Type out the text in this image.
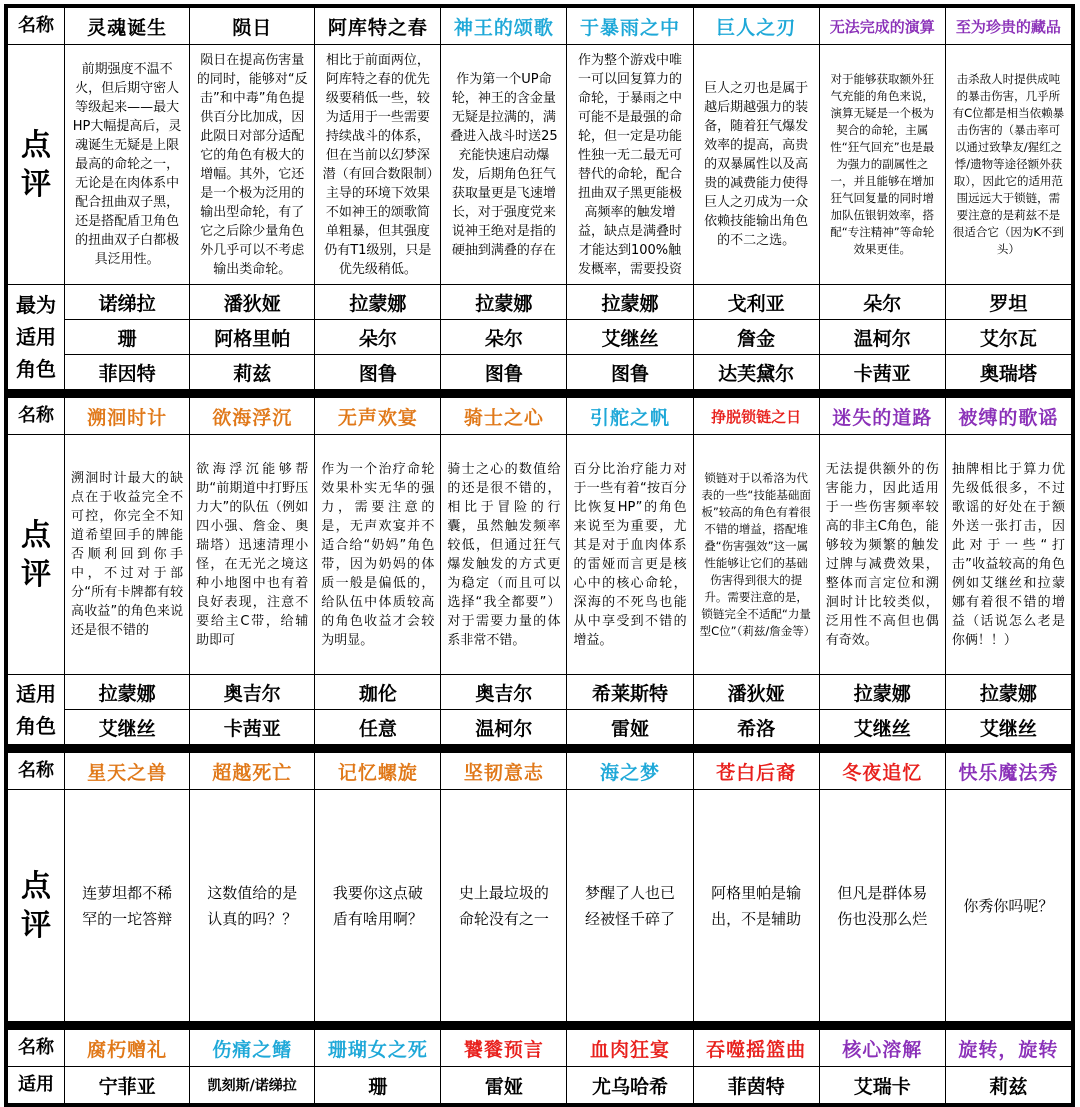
名称	灵魂诞生	陨日	阿库特之春	神王的颂歌	于暴雨之中	巨人之刃	无法完成的演算	至为珍贵的藏品

点
评	前期强度不温不火，但后期守密人等级起来——最大HP大幅提高后，灵魂诞生无疑是上限最高的命轮之一，无论是在肉体系中配合扭曲双子黑，还是搭配盾卫角色的扭曲双子白都极具泛用性。	陨日在提高伤害量的同时，能够对“反击”和中毒”角色提供百分比加成，因此陨日对部分适配它的角色有极大的增幅。其外，它还是一个极为泛用的输出型命轮，有了它之后除少量角色外几乎可以不考虑输出类命轮。	相比于前面两位，阿库特之春的优先级要稍低一些，较为适用于一些需要持续战斗的体系，但在当前以幻梦深潜（有回合数限制）主导的环境下效果不如神王的颂歌简单粗暴，但其强度仍有T1级别，只是优先级稍低。	作为第一个UP命轮，神王的含金量无疑是拉满的，满叠进入战斗时送25充能快速启动爆发，后期角色狂气获取量更是飞速增长，对于强度党来说神王绝对是指的硬抽到满叠的存在	作为整个游戏中唯一可以回复算力的命轮，于暴雨之中可能不是最强的命轮，但一定是功能性独一无二最无可替代的命轮，配合扭曲双子黑更能极高频率的触发增益，缺点是满叠时才能达到100%触发概率，需要投资	巨人之刃也是属于越后期越强力的装备，随着狂气爆发效率的提高，高贵的双暴属性以及高贵的减费能力使得巨人之刃成为一众依赖技能输出角色的不二之选。	对于能够获取额外狂气充能的角色来说，演算无疑是一个极为契合的命轮，主属性“狂气回充”也是最为强力的副属性之一，并且能够在增加狂气回复量的同时增加队伍银钥效率，搭配“专注精神”等命轮效果更佳。	击杀敌人时提供成吨的暴击伤害，几乎所有C位都是相当依赖暴击伤害的（暴击率可以通过致挚友/猩红之悸/遗物等途径额外获取），因此它的适用范围远远大于锁链，需要注意的是莉兹不是很适合它（因为K不到头）

最为
适用
角色	诺绨拉	潘狄娅	拉蒙娜	拉蒙娜	拉蒙娜	戈利亚	朵尔	罗坦
	珊	阿格里帕	朵尔	朵尔	艾继丝	詹金	温柯尔	艾尔瓦
	菲因特	莉兹	图鲁	图鲁	图鲁	达芙黛尔	卡茜亚	奥瑞塔

名称	溯洄时计	欲海浮沉	无声欢宴	骑士之心	引舵之帆	挣脱锁链之日	迷失的道路	被缚的歌谣

点
评	溯洄时计最大的缺点在于收益完全不可控，你完全不知道希望回手的牌能否顺利回到你手中，不过对于部分“所有卡牌都有较高收益”的角色来说还是很不错的	欲海浮沉能够帮助“前期道中打野压力大”的队伍（例如四小强、詹金、奥瑞塔）迅速清理小怪，在无光之境这种小地图中也有着良好表现，注意不要给主C带，给辅助即可	作为一个治疗命轮效果朴实无华的强力，需要注意的是，无声欢宴并不适合给“奶妈”角色带，因为奶妈的体质一般是偏低的，给队伍中体质较高的角色收益才会较为明显。	骑士之心的数值给的还是很不错的，相比于冒险的行囊，虽然触发频率较低，但通过狂气爆发触发的方式更为稳定（而且可以选择“我全都要”）对于需要力量的体系非常不错。	百分比治疗能力对于一些有着“按百分比恢复HP”的角色来说至为重要，尤其是对于血肉体系的雷娅而言更是核心中的核心命轮，深海的不死鸟也能从中享受到不错的增益。	锁链对于以希洛为代表的一些“技能基础面板”较高的角色有着很不错的增益，搭配堆叠“伤害强效”这一属性能够让它们的基础伤害得到很大的提升。需要注意的是，锁链完全不适配“力量型C位”（莉兹/詹金等）	无法提供额外的伤害能力，因此适用于一些伤害频率较高的非主C角色，能够较为频繁的触发过牌与减费效果，整体而言定位和溯洄时计比较类似，泛用性不高但也偶有奇效。	抽牌相比于算力优先级低很多，不过歌谣的好处在于额外送一张打击，因此对于一些“打击”收益较高的角色例如艾继丝和拉蒙娜有着很不错的增益（话说怎么老是你俩！！）

适用
角色	拉蒙娜	奥吉尔	珈伦	奥吉尔	希莱斯特	潘狄娅	拉蒙娜	拉蒙娜
	艾继丝	卡茜亚	任意	温柯尔	雷娅	希洛	艾继丝	艾继丝

名称	星天之兽	超越死亡	记忆螺旋	坚韧意志	海之梦	苍白后裔	冬夜追忆	快乐魔法秀

点
评	连萝坦都不稀罕的一坨答辩	这数值给的是认真的吗？？	我要你这点破盾有啥用啊？	史上最垃圾的命轮没有之一	梦醒了人也已经被怪千碎了	阿格里帕是输出，不是辅助	但凡是群体易伤也没那么烂	你秀你吗呢？

名称	腐朽赠礼	伤痛之鳍	珊瑚女之死	饕餮预言	血肉狂宴	吞噬摇篮曲	核心溶解	旋转，旋转
适用	宁菲亚	凯刻斯/诺绨拉	珊	雷娅	尤乌哈希	菲茵特	艾瑞卡	莉兹
